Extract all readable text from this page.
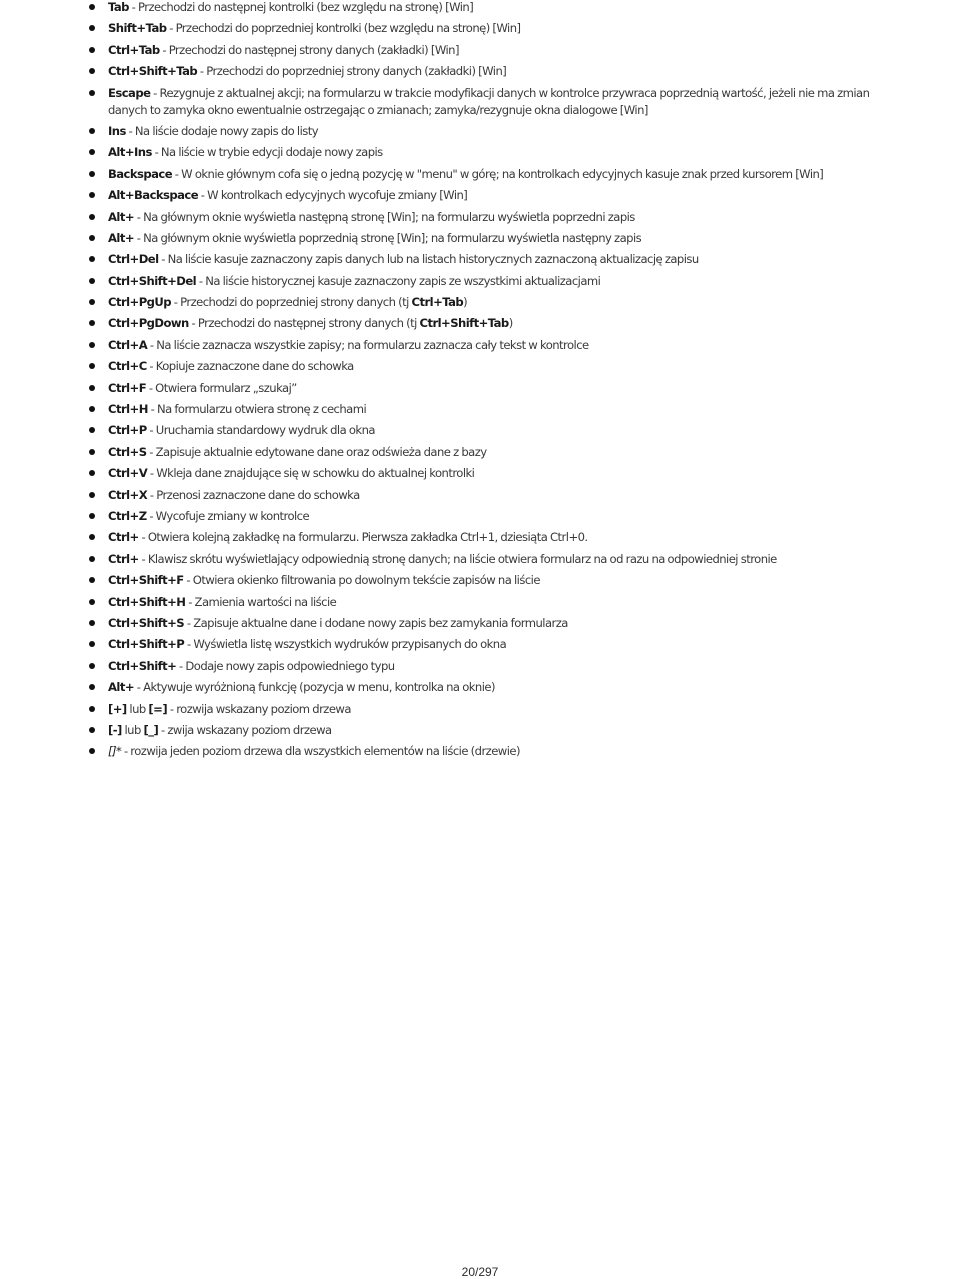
Tab - Przechodzi do następnej kontrolki (bez względu na stronę) [Win]
Shift+Tab - Przechodzi do poprzedniej kontrolki (bez względu na stronę) [Win]
Ctrl+Tab - Przechodzi do następnej strony danych (zakładki) [Win]
Ctrl+Shift+Tab - Przechodzi do poprzedniej strony danych (zakładki) [Win]
Escape - Rezygnuje z aktualnej akcji; na formularzu w trakcie modyfikacji danych w kontrolce przywraca poprzednią wartość, jeżeli nie ma zmian danych to zamyka okno ewentualnie ostrzegając o zmianach; zamyka/rezygnuje okna dialogowe [Win]
Ins - Na liście dodaje nowy zapis do listy
Alt+Ins - Na liście w trybie edycji dodaje nowy zapis
Backspace - W oknie głównym cofa się o jedną pozycję w "menu" w górę; na kontrolkach edycyjnych kasuje znak przed kursorem [Win]
Alt+Backspace - W kontrolkach edycyjnych wycofuje zmiany [Win]
Alt+ - Na głównym oknie wyświetla następną stronę [Win]; na formularzu wyświetla poprzedni zapis
Alt+ - Na głównym oknie wyświetla poprzednią stronę [Win]; na formularzu wyświetla następny zapis
Ctrl+Del - Na liście kasuje zaznaczony zapis danych lub na listach historycznych zaznaczoną aktualizację zapisu
Ctrl+Shift+Del - Na liście historycznej kasuje zaznaczony zapis ze wszystkimi aktualizacjami
Ctrl+PgUp - Przechodzi do poprzedniej strony danych (tj Ctrl+Tab)
Ctrl+PgDown - Przechodzi do następnej strony danych (tj Ctrl+Shift+Tab)
Ctrl+A - Na liście zaznacza wszystkie zapisy; na formularzu zaznacza cały tekst w kontrolce
Ctrl+C - Kopiuje zaznaczone dane do schowka
Ctrl+F - Otwiera formularz „szukaj”
Ctrl+H - Na formularzu otwiera stronę z cechami
Ctrl+P - Uruchamia standardowy wydruk dla okna
Ctrl+S - Zapisuje aktualnie edytowane dane oraz odświeża dane z bazy
Ctrl+V - Wkleja dane znajdujące się w schowku do aktualnej kontrolki
Ctrl+X - Przenosi zaznaczone dane do schowka
Ctrl+Z - Wycofuje zmiany w kontrolce
Ctrl+ - Otwiera kolejną zakładkę na formularzu. Pierwsza zakładka Ctrl+1, dziesiąta Ctrl+0.
Ctrl+ - Klawisz skrótu wyświetlający odpowiednią stronę danych; na liście otwiera formularz na od razu na odpowiedniej stronie
Ctrl+Shift+F - Otwiera okienko filtrowania po dowolnym tekście zapisów na liście
Ctrl+Shift+H - Zamienia wartości na liście
Ctrl+Shift+S - Zapisuje aktualne dane i dodane nowy zapis bez zamykania formularza
Ctrl+Shift+P - Wyświetla listę wszystkich wydruków przypisanych do okna
Ctrl+Shift+ - Dodaje nowy zapis odpowiedniego typu
Alt+ - Aktywuje wyróżnioną funkcję (pozycja w menu, kontrolka na oknie)
[+] lub [=] - rozwija wskazany poziom drzewa
[-] lub [_] - zwija wskazany poziom drzewa
[]* - rozwija jeden poziom drzewa dla wszystkich elementów na liście (drzewie)
20/297
